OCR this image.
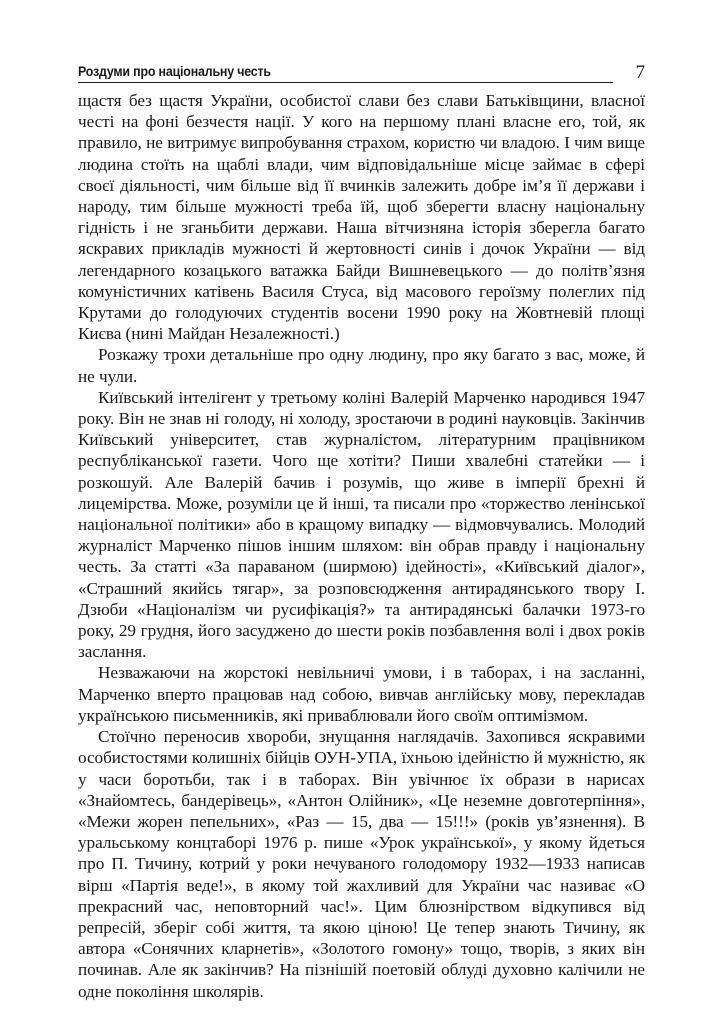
Роздуми про національну честь	7

щастя без щастя України, особистої слави без слави Батьківщини, власної честі на фоні безчестя нації. У кого на першому плані власне его, той, як правило, не витримує випробування страхом, користю чи владою. І чим вище людина стоїть на щаблі влади, чим відповідальніше місце займає в сфері своєї діяльності, чим більше від її вчинків залежить добре ім’я її держави і народу, тим більше мужності треба їй, щоб зберегти власну національну гідність і не зганьбити держави. Наша вітчизняна історія зберегла багато яскравих прикладів мужності й жертовності синів і дочок України — від легендарного козацького ватажка Байди Вишневецького — до політв’язня комуністичних катівень Василя Стуса, від масового героїзму полеглих під Крутами до голодуючих студентів восени 1990 року на Жовтневій площі Києва (нині Майдан Незалежності.)

Розкажу трохи детальніше про одну людину, про яку багато з вас, може, й не чули.

Київський інтелігент у третьому коліні Валерій Марченко народився 1947 року. Він не знав ні голоду, ні холоду, зростаючи в родині науковців. Закінчив Київський університет, став журналістом, літературним працівником республіканської газети. Чого ще хотіти? Пиши хвалебні статейки — і розкошуй. Але Валерій бачив і розумів, що живе в імперії брехні й лицемірства. Може, розуміли це й інші, та писали про «торжество ленінської національної політики» або в кращому випадку — відмовчувались. Молодий журналіст Марченко пішов іншим шляхом: він обрав правду і національну честь. За статті «За параваном (ширмою) ідейності», «Київський діалог», «Страшний якийсь тягар», за розповсюдження антирадянського твору І. Дзюби «Націоналізм чи русифікація?» та антирадянські балачки 1973-го року, 29 грудня, його засуджено до шести років позбавлення волі і двох років заслання.

Незважаючи на жорстокі невільничі умови, і в таборах, і на засланні, Марченко вперто працював над собою, вивчав англійську мову, перекладав українською письменників, які приваблювали його своїм оптимізмом.

Стоїчно переносив хвороби, знущання наглядачів. Захопився яскравими особистостями колишніх бійців ОУН-УПА, їхньою ідейністю й мужністю, як у часи боротьби, так і в таборах. Він увічнює їх образи в нарисах «Знайомтесь, бандерівець», «Антон Олійник», «Це неземне довготерпіння», «Межи жорен пепельних», «Раз — 15, два — 15!!!» (років ув’язнення). В уральському концтаборі 1976 р. пише «Урок української», у якому йдеться про П. Тичину, котрий у роки нечуваного голодомору 1932—1933 написав вірш «Партія веде!», в якому той жахливий для України час називає «О прекрасний час, неповторний час!». Цим блюзнірством відкупився від репресій, зберіг собі життя, та якою ціною! Це тепер знають Тичину, як автора «Сонячних кларнетів», «Золотого гомону» тощо, творів, з яких він починав. Але як закінчив? На пізнішій поетовій облуді духовно калічили не одне покоління школярів.
